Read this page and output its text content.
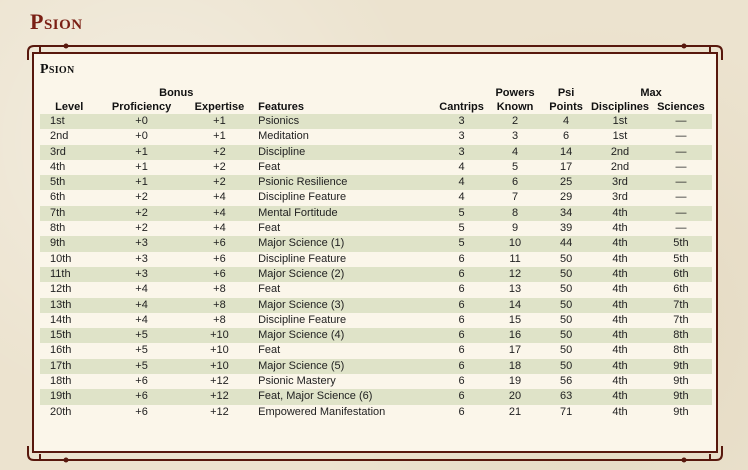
Psion
Psion
	Bonus				Powers	Psi	Max	
Level	Proficiency	Expertise	Features	Cantrips	Known	Points	Disciplines	Sciences
1st	+0	+1	Psionics	3	2	4	1st	—
2nd	+0	+1	Meditation	3	3	6	1st	—
3rd	+1	+2	Discipline	3	4	14	2nd	—
4th	+1	+2	Feat	4	5	17	2nd	—
5th	+1	+2	Psionic Resilience	4	6	25	3rd	—
6th	+2	+4	Discipline Feature	4	7	29	3rd	—
7th	+2	+4	Mental Fortitude	5	8	34	4th	—
8th	+2	+4	Feat	5	9	39	4th	—
9th	+3	+6	Major Science (1)	5	10	44	4th	5th
10th	+3	+6	Discipline Feature	6	11	50	4th	5th
11th	+3	+6	Major Science (2)	6	12	50	4th	6th
12th	+4	+8	Feat	6	13	50	4th	6th
13th	+4	+8	Major Science (3)	6	14	50	4th	7th
14th	+4	+8	Discipline Feature	6	15	50	4th	7th
15th	+5	+10	Major Science (4)	6	16	50	4th	8th
16th	+5	+10	Feat	6	17	50	4th	8th
17th	+5	+10	Major Science (5)	6	18	50	4th	9th
18th	+6	+12	Psionic Mastery	6	19	56	4th	9th
19th	+6	+12	Feat, Major Science (6)	6	20	63	4th	9th
20th	+6	+12	Empowered Manifestation	6	21	71	4th	9th
